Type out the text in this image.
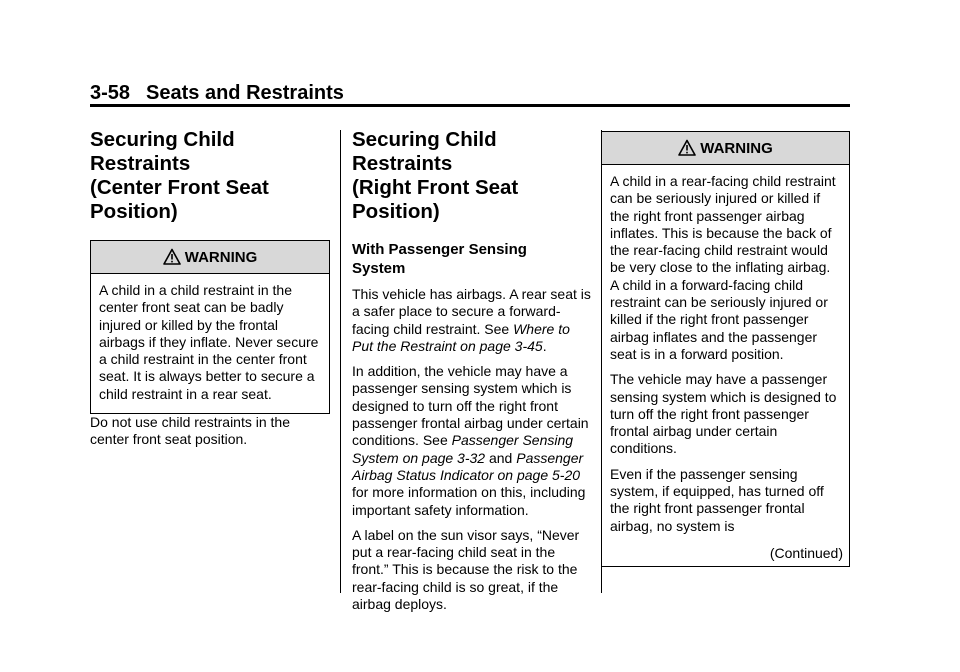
3-58 Seats and Restraints
Securing Child Restraints
(Center Front Seat
Position)
WARNING

A child in a child restraint in the center front seat can be badly injured or killed by the frontal airbags if they inflate. Never secure a child restraint in the center front seat. It is always better to secure a child restraint in a rear seat.

Do not use child restraints in the center front seat position.

Securing Child Restraints
(Right Front Seat
Position)
With Passenger Sensing
System

This vehicle has airbags. A rear seat is a safer place to secure a forward-facing child restraint. See Where to Put the Restraint on page 3-45.

In addition, the vehicle may have a passenger sensing system which is designed to turn off the right front passenger frontal airbag under certain conditions. See Passenger Sensing System on page 3-32 and Passenger Airbag Status Indicator on page 5-20 for more information on this, including important safety information.

A label on the sun visor says, “Never put a rear-facing child seat in the front.” This is because the risk to the rear-facing child is so great, if the airbag deploys.

WARNING

A child in a rear-facing child restraint can be seriously injured or killed if the right front passenger airbag inflates. This is because the back of the rear-facing child restraint would be very close to the inflating airbag. A child in a forward-facing child restraint can be seriously injured or killed if the right front passenger airbag inflates and the passenger seat is in a forward position.

The vehicle may have a passenger sensing system which is designed to turn off the right front passenger frontal airbag under certain conditions.

Even if the passenger sensing system, if equipped, has turned off the right front passenger frontal airbag, no system is

(Continued)
